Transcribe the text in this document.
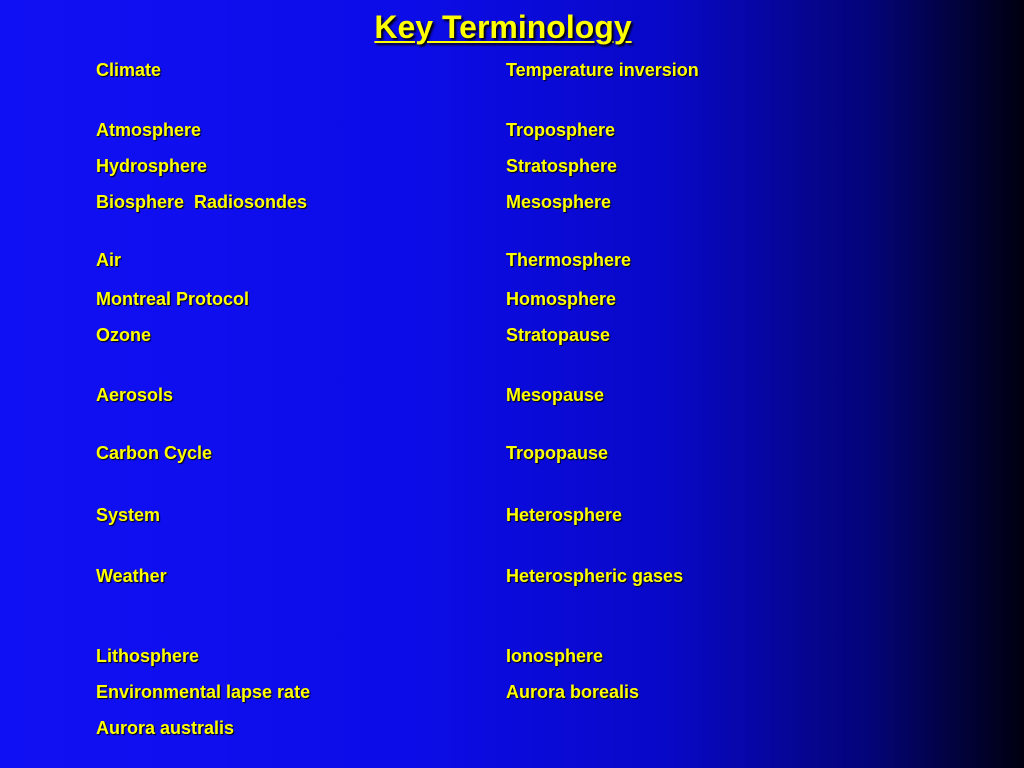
Key Terminology
Climate
Atmosphere
Hydrosphere
Biosphere  Radiosondes
Air
Montreal Protocol
Ozone
Aerosols
Carbon Cycle
System
Weather
Lithosphere
Environmental lapse rate
Aurora australis
Temperature inversion
Troposphere
Stratosphere
Mesosphere
Thermosphere
Homosphere
Stratopause
Mesopause
Tropopause
Heterosphere
Heterospheric gases
Ionosphere
Aurora borealis
